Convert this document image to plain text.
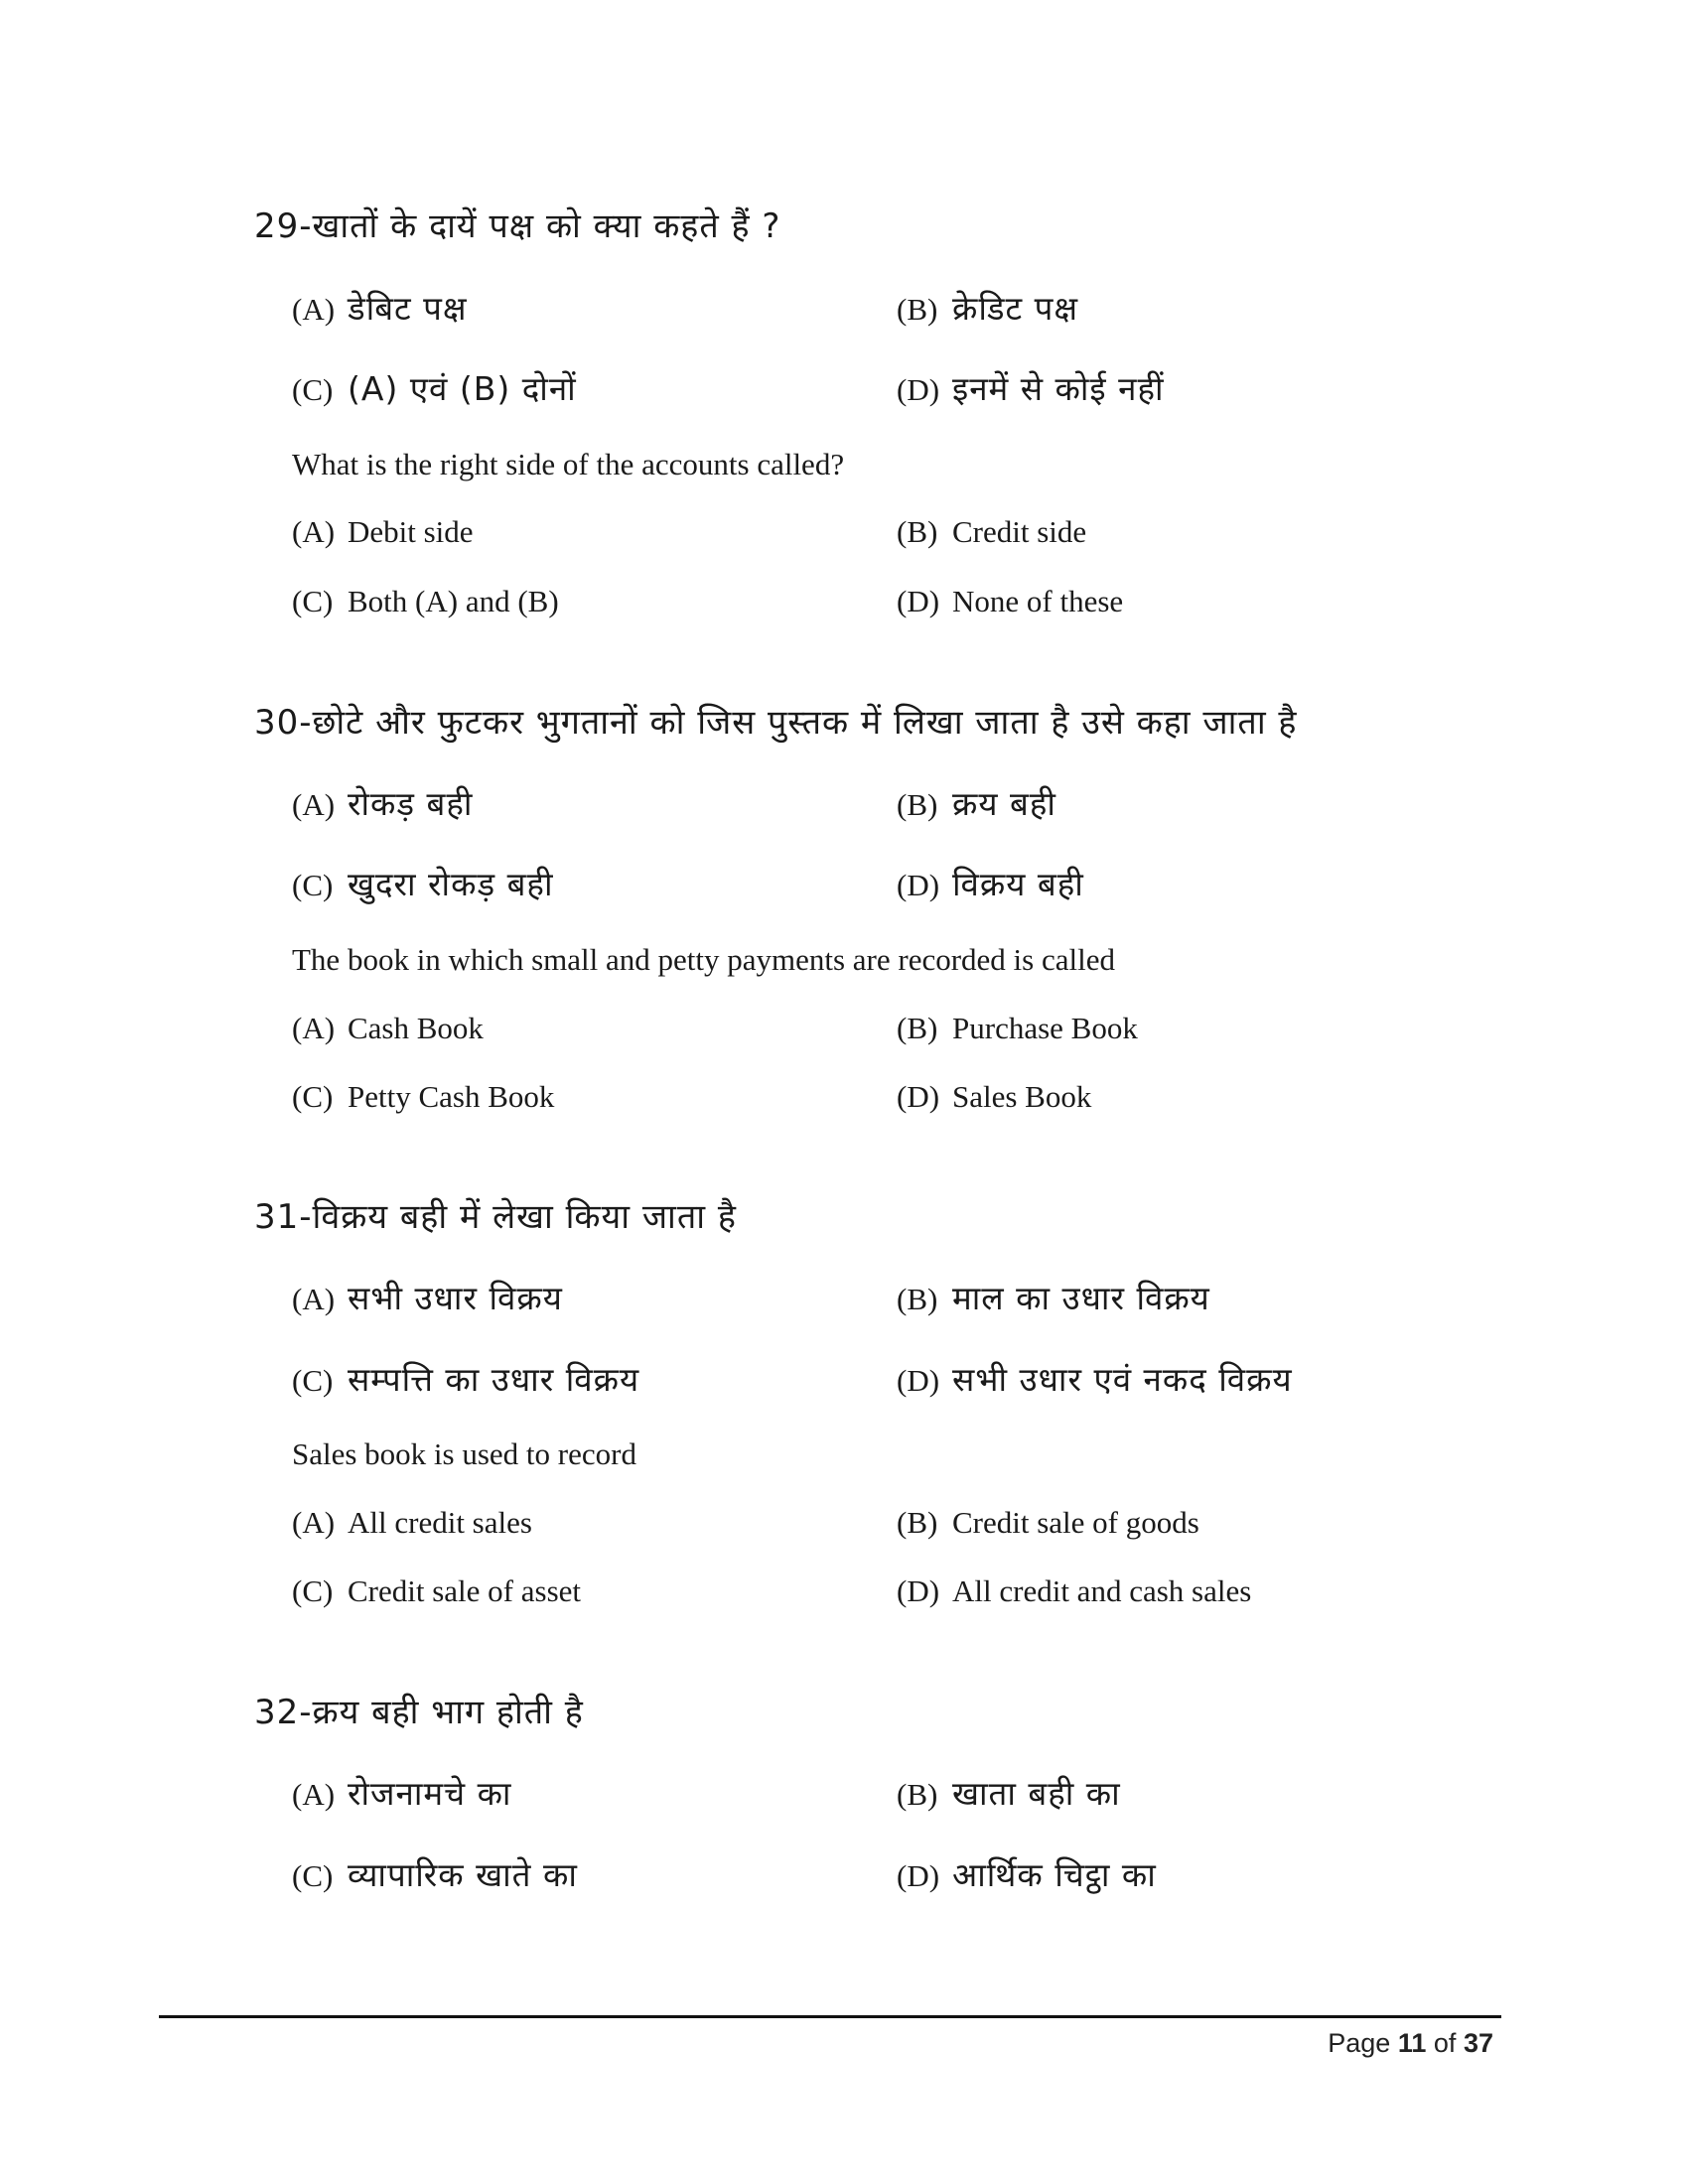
29-खातों के दायें पक्ष को क्या कहते हैं ?
(A) डेबिट पक्ष	(B) क्रेडिट पक्ष
(C) (A) एवं (B) दोनों	(D) इनमें से कोई नहीं
What is the right side of the accounts called?
(A) Debit side	(B) Credit side
(C) Both (A) and (B)	(D) None of these
30-छोटे और फुटकर भुगतानों को जिस पुस्तक में लिखा जाता है उसे कहा जाता है
(A) रोकड़ बही	(B) क्रय बही
(C) खुदरा रोकड़ बही	(D) विक्रय बही
The book in which small and petty payments are recorded is called
(A) Cash Book	(B) Purchase Book
(C) Petty Cash Book	(D) Sales Book
31-विक्रय बही में लेखा किया जाता है
(A) सभी उधार विक्रय	(B) माल का उधार विक्रय
(C) सम्पत्ति का उधार विक्रय	(D) सभी उधार एवं नकद विक्रय
Sales book is used to record
(A) All credit sales	(B) Credit sale of goods
(C) Credit sale of asset	(D) All credit and cash sales
32-क्रय बही भाग होती है
(A) रोजनामचे का	(B) खाता बही का
(C) व्यापारिक खाते का	(D) आर्थिक चिट्ठा का
Page 11 of 37
